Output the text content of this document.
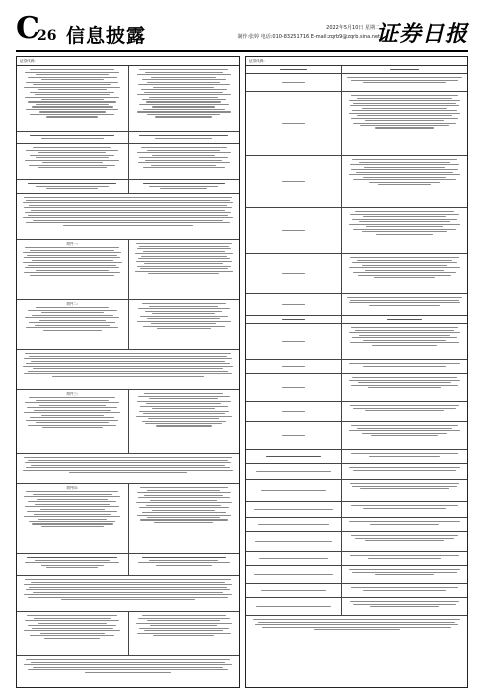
C
26 信息披露	2022年5月10日 星期二
制作:张婷 电话:010-83251716 E-mail:zqrb9@zqrb.sina.net
证券日报
证券代码:
附件一:
附件二:
附件三:
附件四:
证券代码:
